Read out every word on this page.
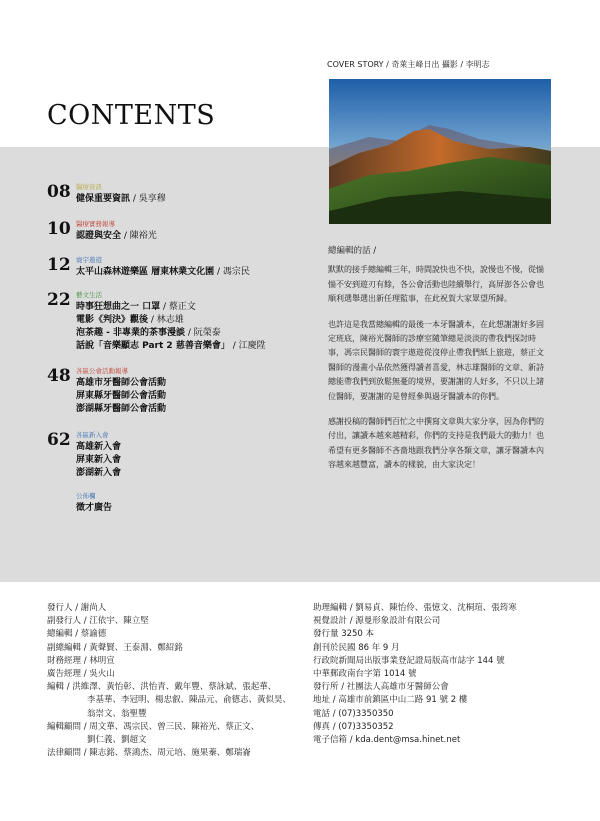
COVER STORY / 奇萊主峰日出 攝影 / 李明志
CONTENTS
08 醫療資訊
健保重要資訊 / 吳享穆
10 醫療實務報導
認證與安全 / 陳裕光
12 寰宇遨遊
太平山森林遊樂區 層東林業文化園 / 馮宗民
22 藝文生活
時事狂想曲之一 口罩 / 蔡正文
電影《判決》觀後 / 林志雄
泡茶趣 - 非專業的茶事漫談 / 阮榮泰
話說「音樂顯志 Part 2 慈善音樂會」 / 江慶陞
48 各區公會活動報導
高雄市牙醫師公會活動
屏東縣牙醫師公會活動
澎湖縣牙醫師公會活動
62 各區新入會
高雄新入會
屏東新入會
澎湖新入會
公佈欄
徵才廣告
總編輯的話 /

默默的接手總編輯三年，時間說快也不快，說慢也不慢，從惴惴不安到遊刃有餘，各公會活動也陸續舉行，高屏澎各公會也順利選舉選出新任理監事，在此祝賀大家眾望所歸。

也許這是我當總編輯的最後一本牙醫讀本，在此想謝謝好多固定班底，陳裕光醫師的診療室隨筆總是淡淡的帶我們探討時事，馮宗民醫師的寰宇遨遊從沒停止帶我們紙上旅遊，蔡正文醫師的漫畫小品依然獲得讀者喜愛，林志雄醫師的文章、新詩總能帶我們到放鬆無憂的境界，要謝謝的人好多，不只以上諸位醫師，要謝謝的是曾經參與過牙醫讀本的你們。

感謝投稿的醫師們百忙之中撰寫文章與大家分享，因為你們的付出，讓讀本越來越精彩，你們的支持是我們最大的動力！也希望有更多醫師不吝嗇地跟我們分享各類文章，讓牙醫讀本內容越來越豐富，讀本的樣貌，由大家決定！

發行人 / 謝尚人
副發行人 / 江依宇、陳立堅
總編輯 / 蔡諭德
副總編輯 / 黃聲賢、王泰淵、鄭紹銘
財務經理 / 林明宣
廣告經理 / 吳火山
編輯 / 洪維澤、黃怡彰、洪怡青、戴年豐、蔡詠斌、張起華、
李基華、李冠明、楊忠叡、陳品元、俞德志、黃似昊、
翁崇文、翁聖豐
編輯顧問 / 周文華、馮宗民、曾三民、陳裕光、蔡正文、
劉仁義、劉超文
法律顧問 / 陳志銘、蔡鴻杰、周元培、施果蓁、鄭瑞崙
助理編輯 / 劉易貞、陳怡伶、張憶文、沈桐瑄、張筠寒
視覺設計 / 源曼形象設計有限公司
發行量 3250 本
創刊於民國 86 年 9 月
行政院新聞局出版事業登記證局版高市誌字 144 號
中華郵政南台字第 1014 號
發行所 / 社團法人高雄市牙醫師公會
地址 / 高雄市前鎮區中山二路 91 號 2 樓
電話 / (07)3350350
傳真 / (07)3350352
電子信箱 / kda.dent@msa.hinet.net
